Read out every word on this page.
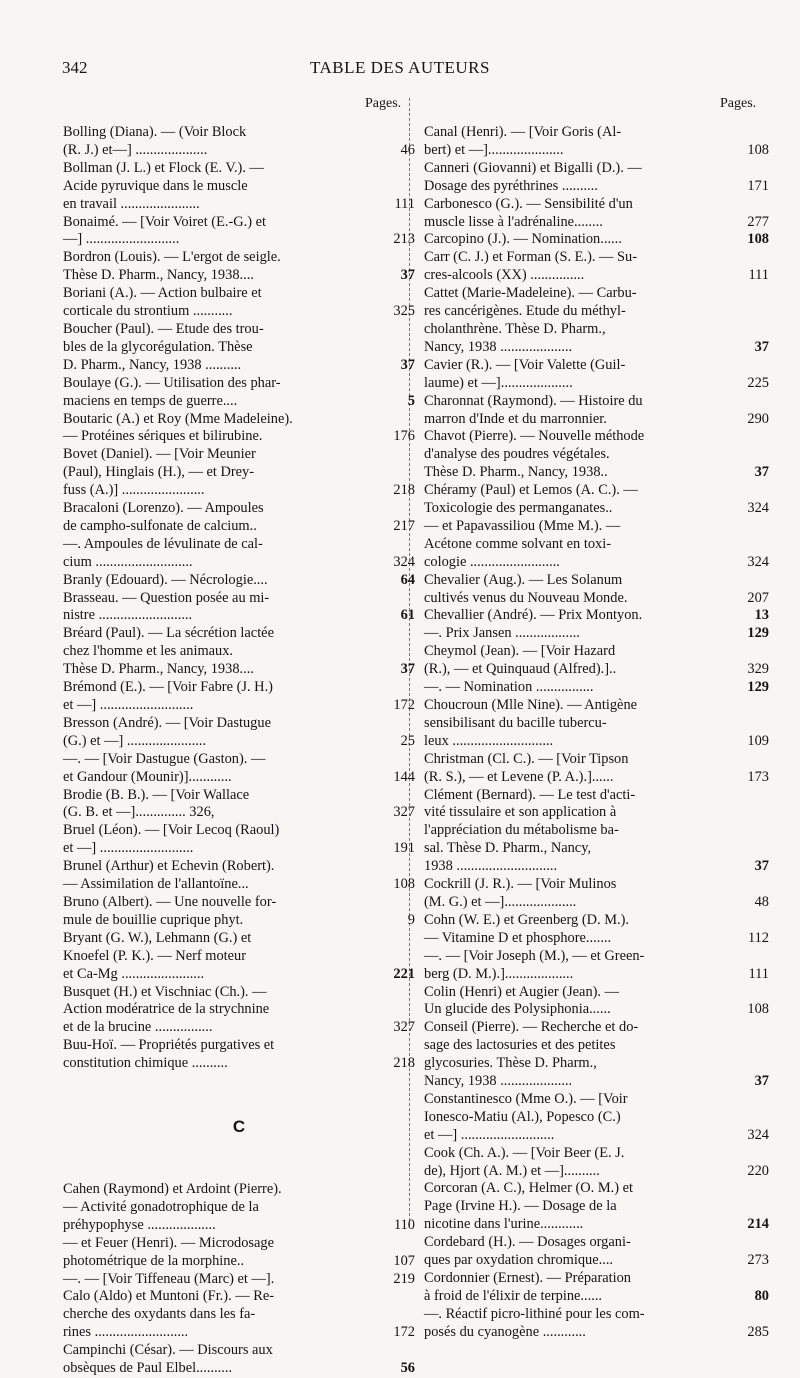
342	TABLE DES AUTEURS
Pages.	Pages.
Bolling (Diana). — (Voir Block
(R. J.) et—] ....................	46
Bollman (J. L.) et Flock (E. V.). —
Acide pyruvique dans le muscle
en travail ......................	111
Bonaimé. — [Voir Voiret (E.-G.) et
—] ..........................	213
Bordron (Louis). — L'ergot de seigle.
Thèse D. Pharm., Nancy, 1938....	37
Boriani (A.). — Action bulbaire et
corticale du strontium ...........	325
Boucher (Paul). — Etude des trou-
bles de la glycorégulation. Thèse
D. Pharm., Nancy, 1938 ..........	37
Boulaye (G.). — Utilisation des phar-
maciens en temps de guerre....	5
Boutaric (A.) et Roy (Mme Madeleine).
— Protéines sériques et bilirubine.	176
Bovet (Daniel). — [Voir Meunier
(Paul), Hinglais (H.), — et Drey-
fuss (A.)] .......................	218
Bracaloni (Lorenzo). — Ampoules
de campho-sulfonate de calcium..	217
—. Ampoules de lévulinate de cal-
cium ...........................	324
Branly (Edouard). — Nécrologie....	64
Brasseau. — Question posée au mi-
nistre ..........................	61
Bréard (Paul). — La sécrétion lactée
chez l'homme et les animaux.
Thèse D. Pharm., Nancy, 1938....	37
Brémond (E.). — [Voir Fabre (J. H.)
et —] ..........................	172
Bresson (André). — [Voir Dastugue
(G.) et —] ......................	25
—. — [Voir Dastugue (Gaston). —
et Gandour (Mounir)]............	144
Brodie (B. B.). — [Voir Wallace
(G. B. et —].............. 326,	327
Bruel (Léon). — [Voir Lecoq (Raoul)
et —] ..........................	191
Brunel (Arthur) et Echevin (Robert).
— Assimilation de l'allantoïne...	108
Bruno (Albert). — Une nouvelle for-
mule de bouillie cuprique phyt.	9
Bryant (G. W.), Lehmann (G.) et
Knoefel (P. K.). — Nerf moteur
et Ca-Mg .......................	221
Busquet (H.) et Vischniac (Ch.). —
Action modératrice de la strychnine
et de la brucine ................	327
Buu-Hoï. — Propriétés purgatives et
constitution chimique ..........	218
C
Cahen (Raymond) et Ardoint (Pierre).
— Activité gonadotrophique de la
préhypophyse ...................	110
— et Feuer (Henri). — Microdosage
photométrique de la morphine..	107
—. — [Voir Tiffeneau (Marc) et —].	219
Calo (Aldo) et Muntoni (Fr.). — Re-
cherche des oxydants dans les fa-
rines ..........................	172
Campinchi (César). — Discours aux
obsèques de Paul Elbel..........	56
Canal (Henri). — [Voir Goris (Al-
bert) et —].....................	108
Canneri (Giovanni) et Bigalli (D.). —
Dosage des pyréthrines ..........	171
Carbonesco (G.). — Sensibilité d'un
muscle lisse à l'adrénaline........	277
Carcopino (J.). — Nomination......	108
Carr (C. J.) et Forman (S. E.). — Su-
cres-alcools (XX) ...............	111
Cattet (Marie-Madeleine). — Carbu-
res cancérigènes. Etude du méthyl-
cholanthrène. Thèse D. Pharm.,
Nancy, 1938 ....................	37
Cavier (R.). — [Voir Valette (Guil-
laume) et —]....................	225
Charonnat (Raymond). — Histoire du
marron d'Inde et du marronnier.	290
Chavot (Pierre). — Nouvelle méthode
d'analyse des poudres végétales.
Thèse D. Pharm., Nancy, 1938..	37
Chéramy (Paul) et Lemos (A. C.). —
Toxicologie des permanganates..	324
— et Papavassiliou (Mme M.). —
Acétone comme solvant en toxi-
cologie .........................	324
Chevalier (Aug.). — Les Solanum
cultivés venus du Nouveau Monde.	207
Chevallier (André). — Prix Montyon.	13
—. Prix Jansen ..................	129
Cheymol (Jean). — [Voir Hazard
(R.), — et Quinquaud (Alfred).]..	329
—. — Nomination ................	129
Choucroun (Mlle Nine). — Antigène
sensibilisant du bacille tubercu-
leux ............................	109
Christman (Cl. C.). — [Voir Tipson
(R. S.), — et Levene (P. A.).]......	173
Clément (Bernard). — Le test d'acti-
vité tissulaire et son application à
l'appréciation du métabolisme ba-
sal. Thèse D. Pharm., Nancy,
1938 ............................	37
Cockrill (J. R.). — [Voir Mulinos
(M. G.) et —]....................	48
Cohn (W. E.) et Greenberg (D. M.).
— Vitamine D et phosphore.......	112
—. — [Voir Joseph (M.), — et Green-
berg (D. M.).]...................	111
Colin (Henri) et Augier (Jean). —
Un glucide des Polysiphonia......	108
Conseil (Pierre). — Recherche et do-
sage des lactosuries et des petites
glycosuries. Thèse D. Pharm.,
Nancy, 1938 ....................	37
Constantinesco (Mme O.). — [Voir
Ionesco-Matiu (Al.), Popesco (C.)
et —] ..........................	324
Cook (Ch. A.). — [Voir Beer (E. J.
de), Hjort (A. M.) et —]..........	220
Corcoran (A. C.), Helmer (O. M.) et
Page (Irvine H.). — Dosage de la
nicotine dans l'urine............	214
Cordebard (H.). — Dosages organi-
ques par oxydation chromique....	273
Cordonnier (Ernest). — Préparation
à froid de l'élixir de terpine......	80
—. Réactif picro-lithiné pour les com-
posés du cyanogène ............	285
